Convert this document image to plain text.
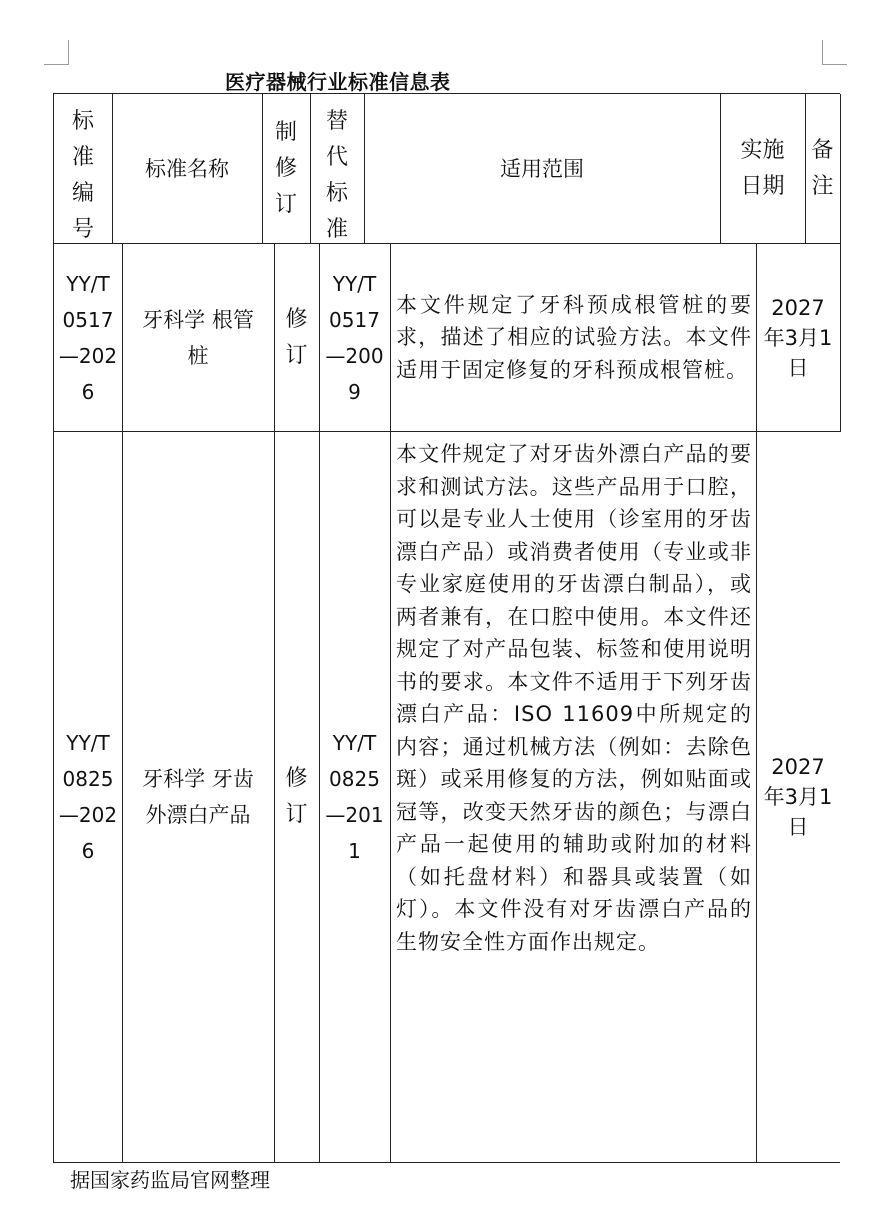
医疗器械行业标准信息表
标准编号
标准名称
制修订
替代标准
适用范围
实施日期
备注
YY/T 0517—2026
牙科学 根管桩
修订
YY/T 0517—2009
本文件规定了牙科预成根管桩的要求，描述了相应的试验方法。本文件适用于固定修复的牙科预成根管桩。
2027年3月1日
YY/T 0825—2026
牙科学 牙齿外漂白产品
修订
YY/T 0825—2011
本文件规定了对牙齿外漂白产品的要求和测试方法。这些产品用于口腔，可以是专业人士使用（诊室用的牙齿漂白产品）或消费者使用（专业或非专业家庭使用的牙齿漂白制品），或两者兼有，在口腔中使用。本文件还规定了对产品包装、标签和使用说明书的要求。本文件不适用于下列牙齿漂白产品：ISO 11609中所规定的内容；通过机械方法（例如：去除色斑）或采用修复的方法，例如贴面或冠等，改变天然牙齿的颜色；与漂白产品一起使用的辅助或附加的材料（如托盘材料）和器具或装置（如灯）。本文件没有对牙齿漂白产品的生物安全性方面作出规定。
2027年3月1日
据国家药监局官网整理
